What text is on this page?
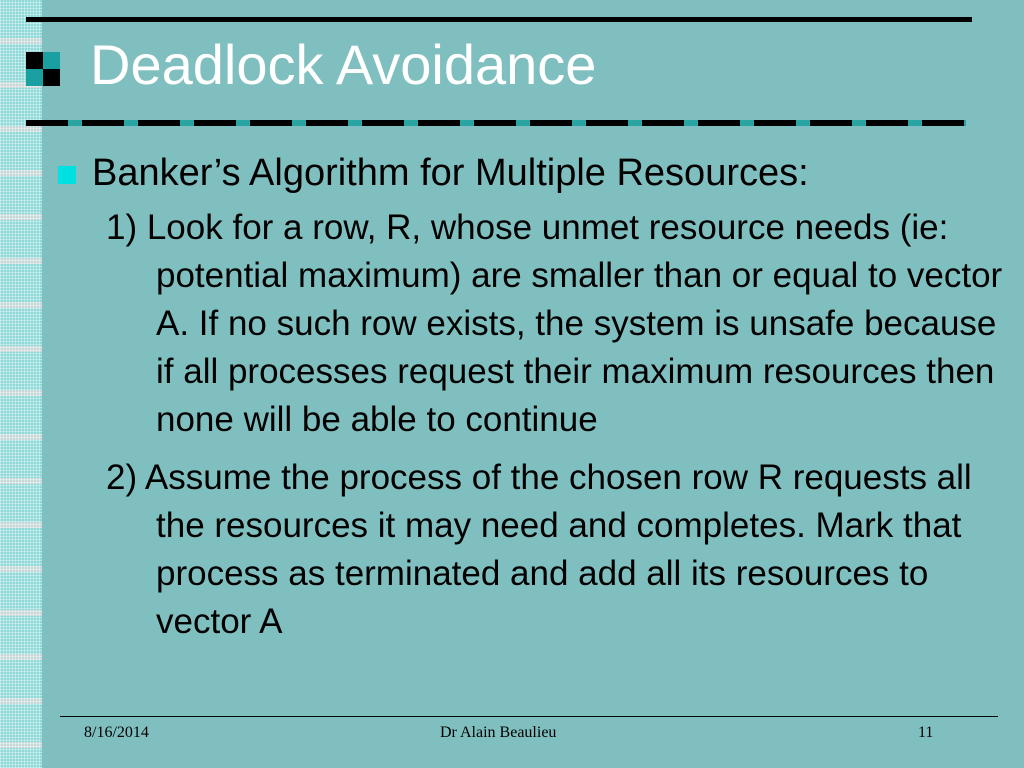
Deadlock Avoidance
Banker’s Algorithm for Multiple Resources:
1) Look for a row, R, whose unmet resource needs (ie: potential maximum) are smaller than or equal to vector A. If no such row exists, the system is unsafe because if all processes request their maximum resources then none will be able to continue
2) Assume the process of the chosen row R requests all the resources it may need and completes. Mark that process as terminated and add all its resources to vector A
8/16/2014	Dr Alain Beaulieu	11
